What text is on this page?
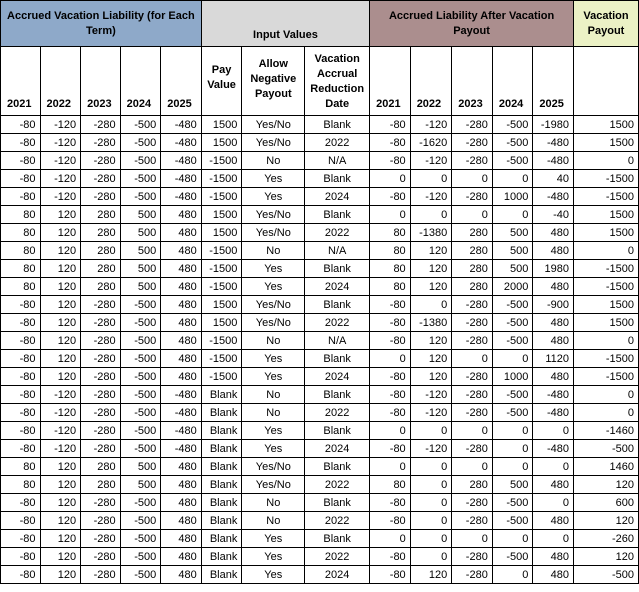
Accrued Vacation Liability (for Each Term)					Input Values			Accrued Liability After Vacation Payout					Vacation Payout
2021	2022	2023	2024	2025	Pay Value	Allow Negative Payout	Vacation Accrual Reduction Date	2021	2022	2023	2024	2025	
-80	-120	-280	-500	-480	1500	Yes/No	Blank	-80	-120	-280	-500	-1980	1500
-80	-120	-280	-500	-480	1500	Yes/No	2022	-80	-1620	-280	-500	-480	1500
-80	-120	-280	-500	-480	-1500	No	N/A	-80	-120	-280	-500	-480	0
-80	-120	-280	-500	-480	-1500	Yes	Blank	0	0	0	0	40	-1500
-80	-120	-280	-500	-480	-1500	Yes	2024	-80	-120	-280	1000	-480	-1500
80	120	280	500	480	1500	Yes/No	Blank	0	0	0	0	-40	1500
80	120	280	500	480	1500	Yes/No	2022	80	-1380	280	500	480	1500
80	120	280	500	480	-1500	No	N/A	80	120	280	500	480	0
80	120	280	500	480	-1500	Yes	Blank	80	120	280	500	1980	-1500
80	120	280	500	480	-1500	Yes	2024	80	120	280	2000	480	-1500
-80	120	-280	-500	480	1500	Yes/No	Blank	-80	0	-280	-500	-900	1500
-80	120	-280	-500	480	1500	Yes/No	2022	-80	-1380	-280	-500	480	1500
-80	120	-280	-500	480	-1500	No	N/A	-80	120	-280	-500	480	0
-80	120	-280	-500	480	-1500	Yes	Blank	0	120	0	0	1120	-1500
-80	120	-280	-500	480	-1500	Yes	2024	-80	120	-280	1000	480	-1500
-80	-120	-280	-500	-480	Blank	No	Blank	-80	-120	-280	-500	-480	0
-80	-120	-280	-500	-480	Blank	No	2022	-80	-120	-280	-500	-480	0
-80	-120	-280	-500	-480	Blank	Yes	Blank	0	0	0	0	0	-1460
-80	-120	-280	-500	-480	Blank	Yes	2024	-80	-120	-280	0	-480	-500
80	120	280	500	480	Blank	Yes/No	Blank	0	0	0	0	0	1460
80	120	280	500	480	Blank	Yes/No	2022	80	0	280	500	480	120
-80	120	-280	-500	480	Blank	No	Blank	-80	0	-280	-500	0	600
-80	120	-280	-500	480	Blank	No	2022	-80	0	-280	-500	480	120
-80	120	-280	-500	480	Blank	Yes	Blank	0	0	0	0	0	-260
-80	120	-280	-500	480	Blank	Yes	2022	-80	0	-280	-500	480	120
-80	120	-280	-500	480	Blank	Yes	2024	-80	120	-280	0	480	-500
